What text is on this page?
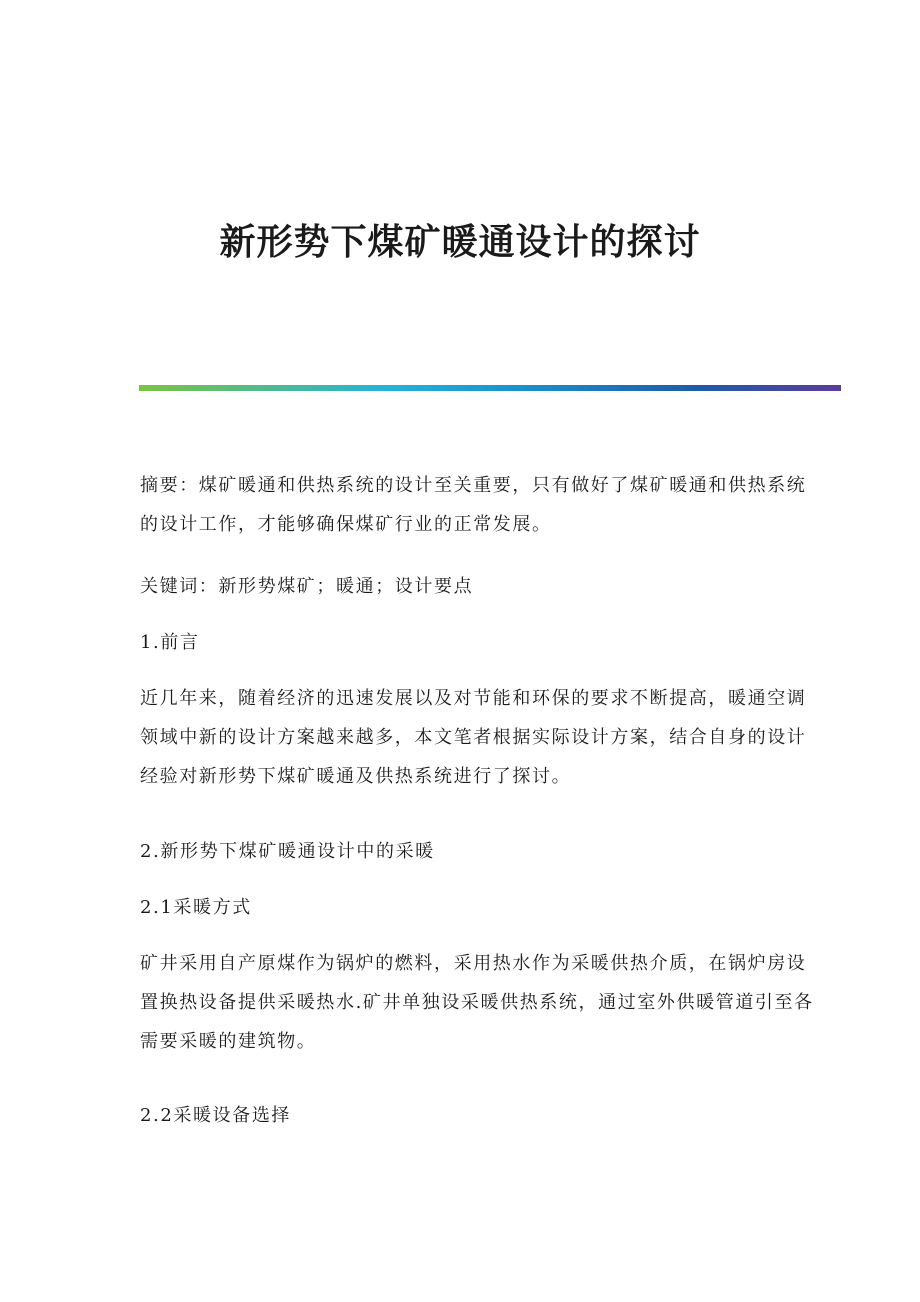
新形势下煤矿暖通设计的探讨

摘要：煤矿暖通和供热系统的设计至关重要，只有做好了煤矿暖通和供热系统
的设计工作，才能够确保煤矿行业的正常发展。

关键词：新形势煤矿；暖通；设计要点

1.前言

近几年来，随着经济的迅速发展以及对节能和环保的要求不断提高，暖通空调
领域中新的设计方案越来越多，本文笔者根据实际设计方案，结合自身的设计
经验对新形势下煤矿暖通及供热系统进行了探讨。

2.新形势下煤矿暖通设计中的采暖

2.1采暖方式

矿井采用自产原煤作为锅炉的燃料，采用热水作为采暖供热介质，在锅炉房设
置换热设备提供采暖热水.矿井单独设采暖供热系统，通过室外供暖管道引至各
需要采暖的建筑物。

2.2采暖设备选择
